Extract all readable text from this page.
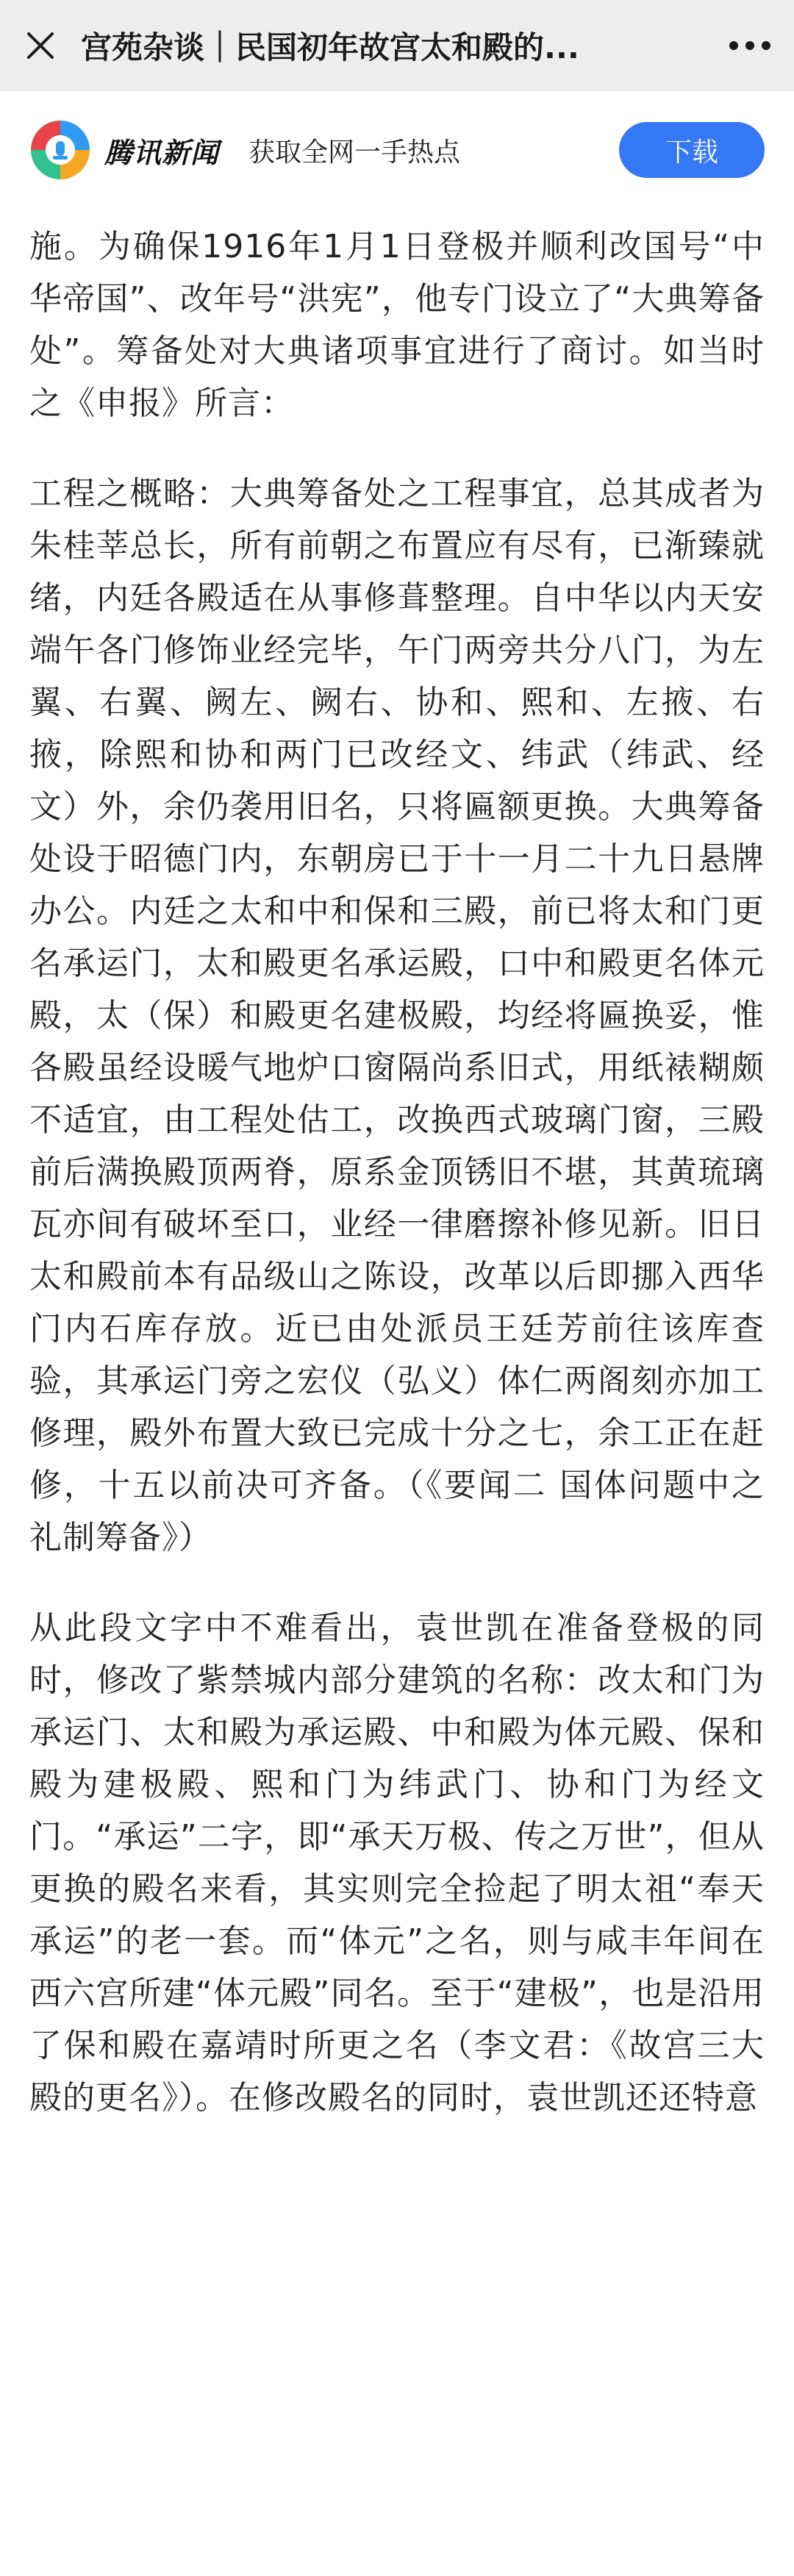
宫苑杂谈｜民国初年故宫太和殿的...
腾讯新闻 获取全网一手热点	下载

施。为确保1916年1月1日登极并顺利改国号“中华帝国”、改年号“洪宪”，他专门设立了“大典筹备处”。筹备处对大典诸项事宜进行了商讨。如当时之《申报》所言：

工程之概略：大典筹备处之工程事宜，总其成者为朱桂莘总长，所有前朝之布置应有尽有，已渐臻就绪，内廷各殿适在从事修葺整理。自中华以内天安端午各门修饰业经完毕，午门两旁共分八门，为左翼、右翼、阙左、阙右、协和、熙和、左掖、右掖，除熙和协和两门已改经文、纬武（纬武、经文）外，余仍袭用旧名，只将匾额更换。大典筹备处设于昭德门内，东朝房已于十一月二十九日悬牌办公。内廷之太和中和保和三殿，前已将太和门更名承运门，太和殿更名承运殿，口中和殿更名体元殿，太（保）和殿更名建极殿，均经将匾换妥，惟各殿虽经设暖气地炉口窗隔尚系旧式，用纸裱糊颇不适宜，由工程处估工，改换西式玻璃门窗，三殿前后满换殿顶两脊，原系金顶锈旧不堪，其黄琉璃瓦亦间有破坏至口，业经一律磨擦补修见新。旧日太和殿前本有品级山之陈设，改革以后即挪入西华门内石库存放。近已由处派员王廷芳前往该库查验，其承运门旁之宏仪（弘义）体仁两阁刻亦加工修理，殿外布置大致已完成十分之七，余工正在赶修，十五以前决可齐备。（《要闻二 国体问题中之礼制筹备》）

从此段文字中不难看出，袁世凯在准备登极的同时，修改了紫禁城内部分建筑的名称：改太和门为承运门、太和殿为承运殿、中和殿为体元殿、保和殿为建极殿、熙和门为纬武门、协和门为经文门。“承运”二字，即“承天万极、传之万世”，但从更换的殿名来看，其实则完全捡起了明太祖“奉天承运”的老一套。而“体元”之名，则与咸丰年间在西六宫所建“体元殿”同名。至于“建极”，也是沿用了保和殿在嘉靖时所更之名（李文君：《故宫三大殿的更名》）。在修改殿名的同时，袁世凯还还特意
